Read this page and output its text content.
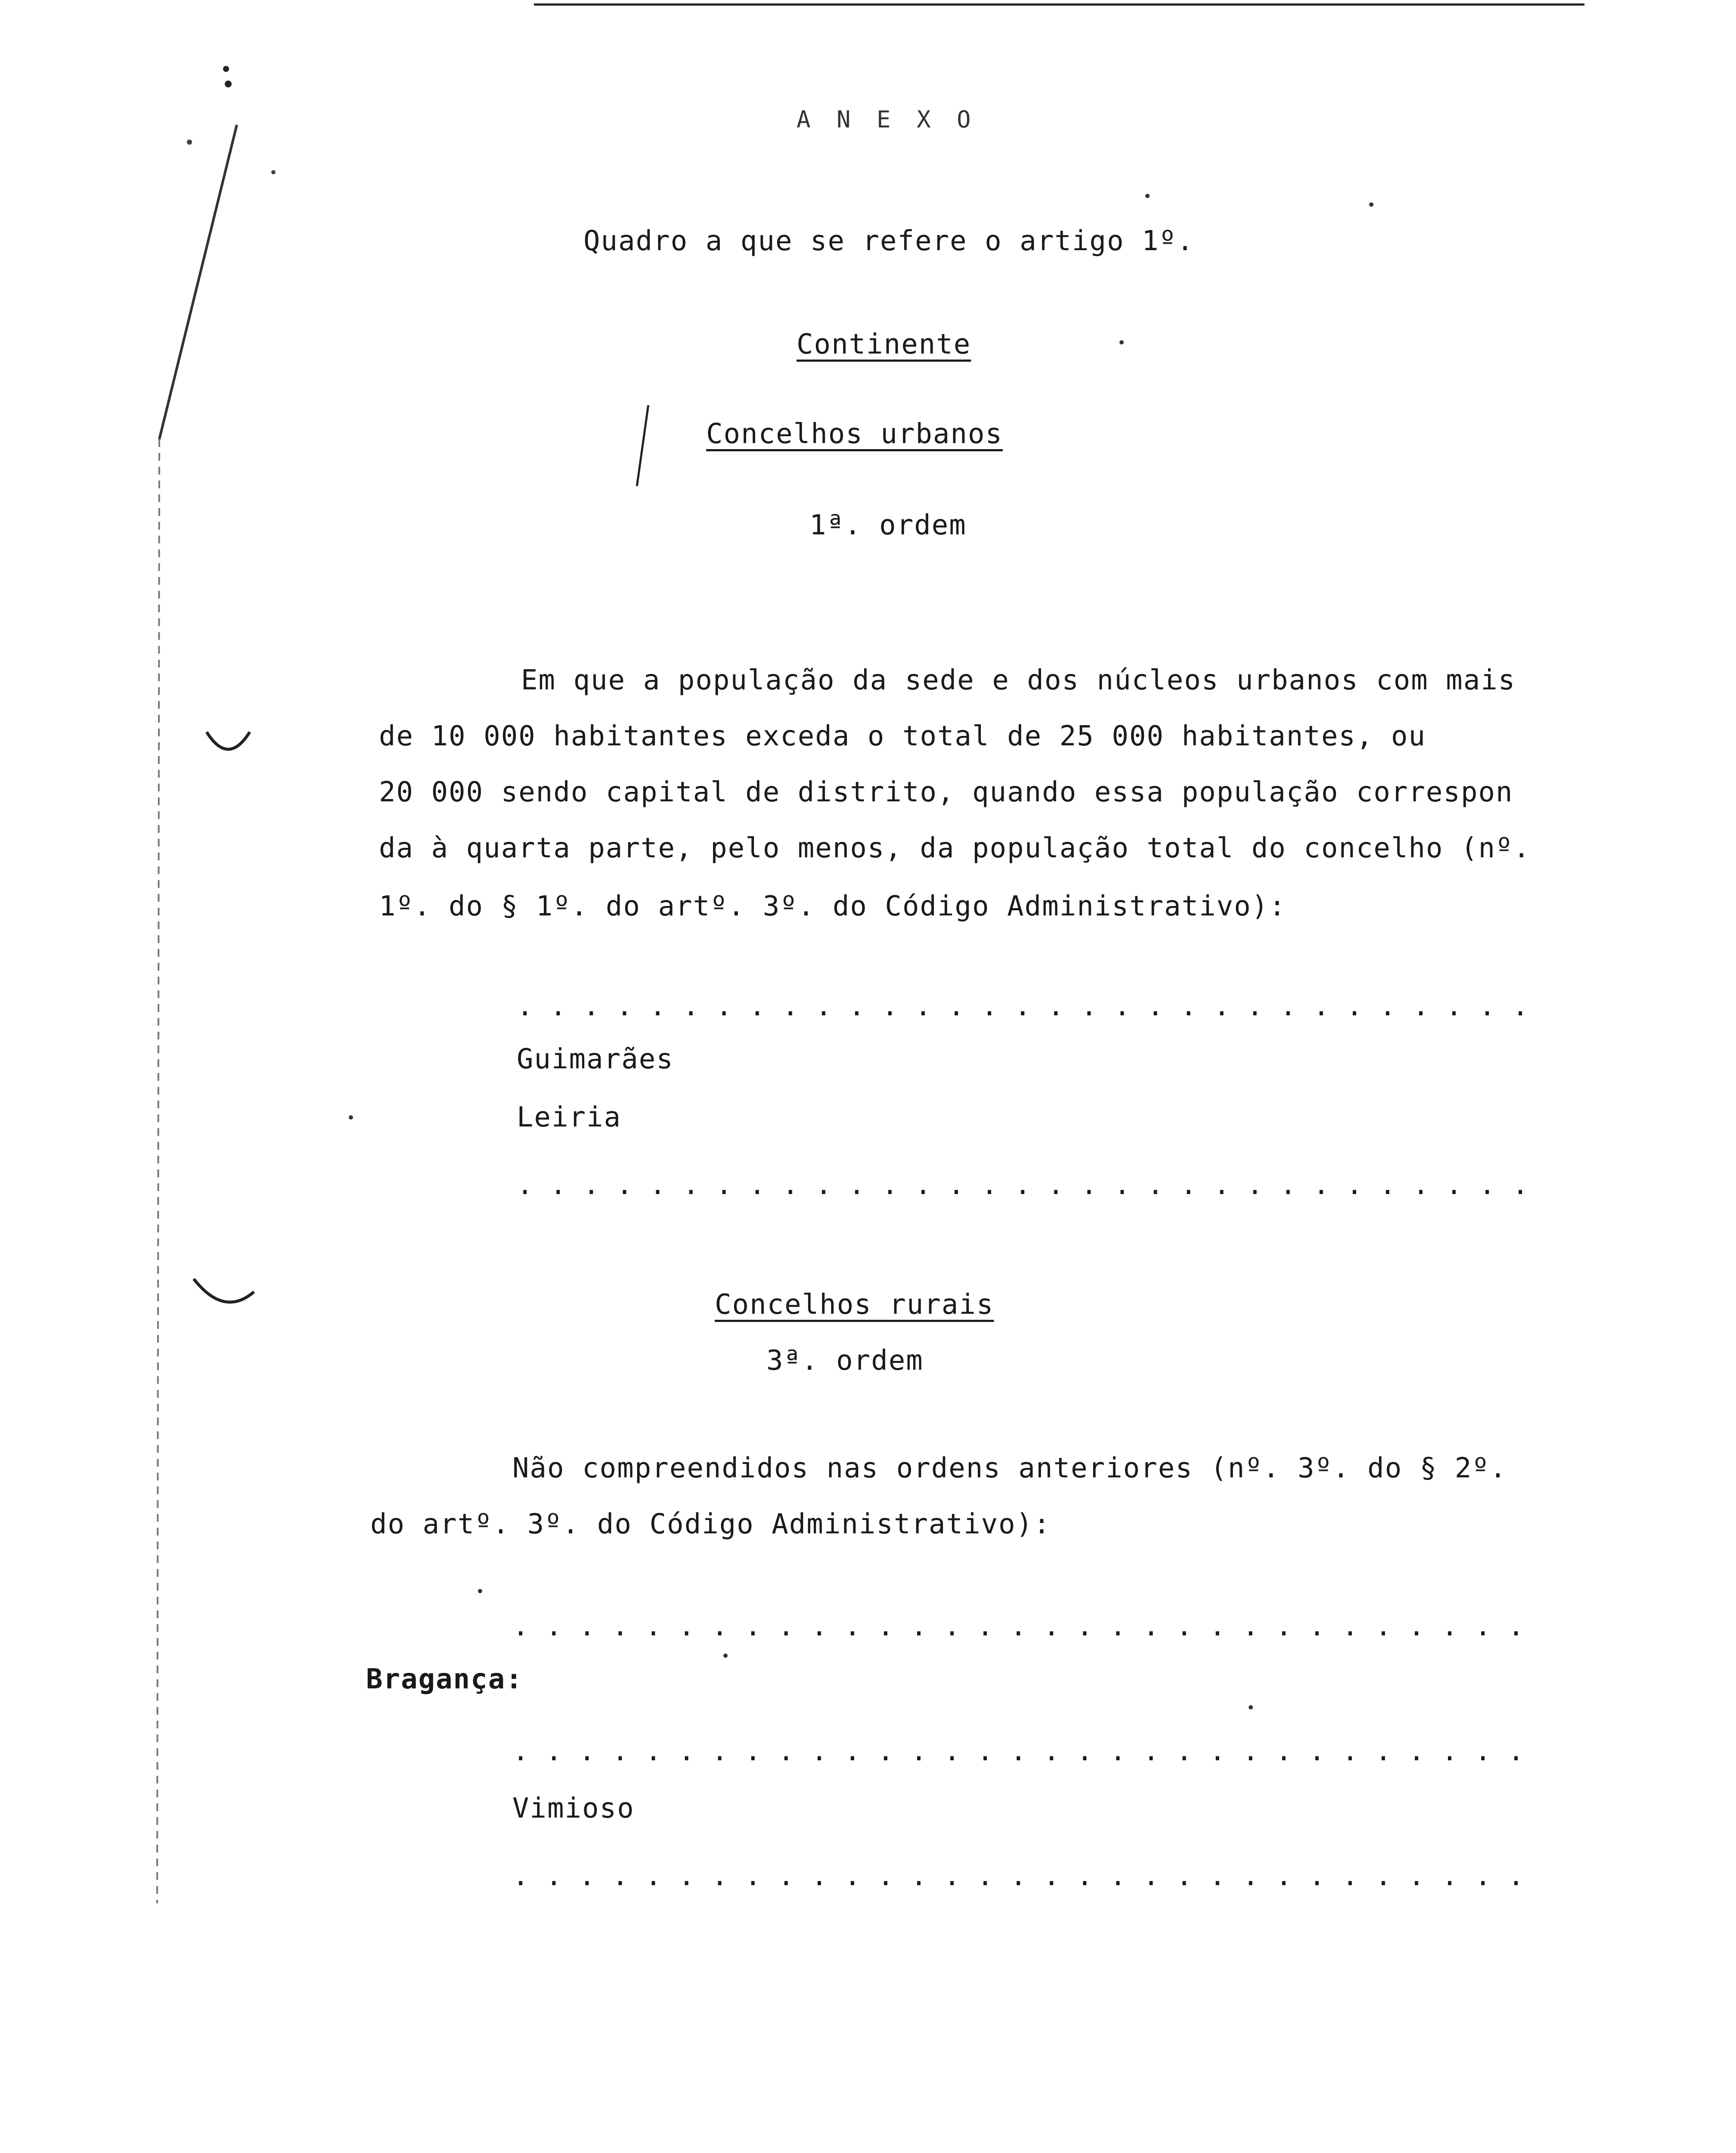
A N E X O
Quadro a que se refere o artigo 1º.
Continente
Concelhos urbanos
1ª. ordem
Em que a população da sede e dos núcleos urbanos com mais
de 10 000 habitantes exceda o total de 25 000 habitantes, ou
20 000 sendo capital de distrito, quando essa população correspon
da à quarta parte, pelo menos, da população total do concelho (nº.
1º. do § 1º. do artº. 3º. do Código Administrativo):
. . . . . . . . . . . . . . . . . . . . . . . . . . . . . . .
Guimarães
Leiria
. . . . . . . . . . . . . . . . . . . . . . . . . . . . . . .
Concelhos rurais
3ª. ordem
Não compreendidos nas ordens anteriores (nº. 3º. do § 2º.
do artº. 3º. do Código Administrativo):
. . . . . . . . . . . . . . . . . . . . . . . . . . . . . . .
Bragança:
. . . . . . . . . . . . . . . . . . . . . . . . . . . . . . .
Vimioso
. . . . . . . . . . . . . . . . . . . . . . . . . . . . . . .
